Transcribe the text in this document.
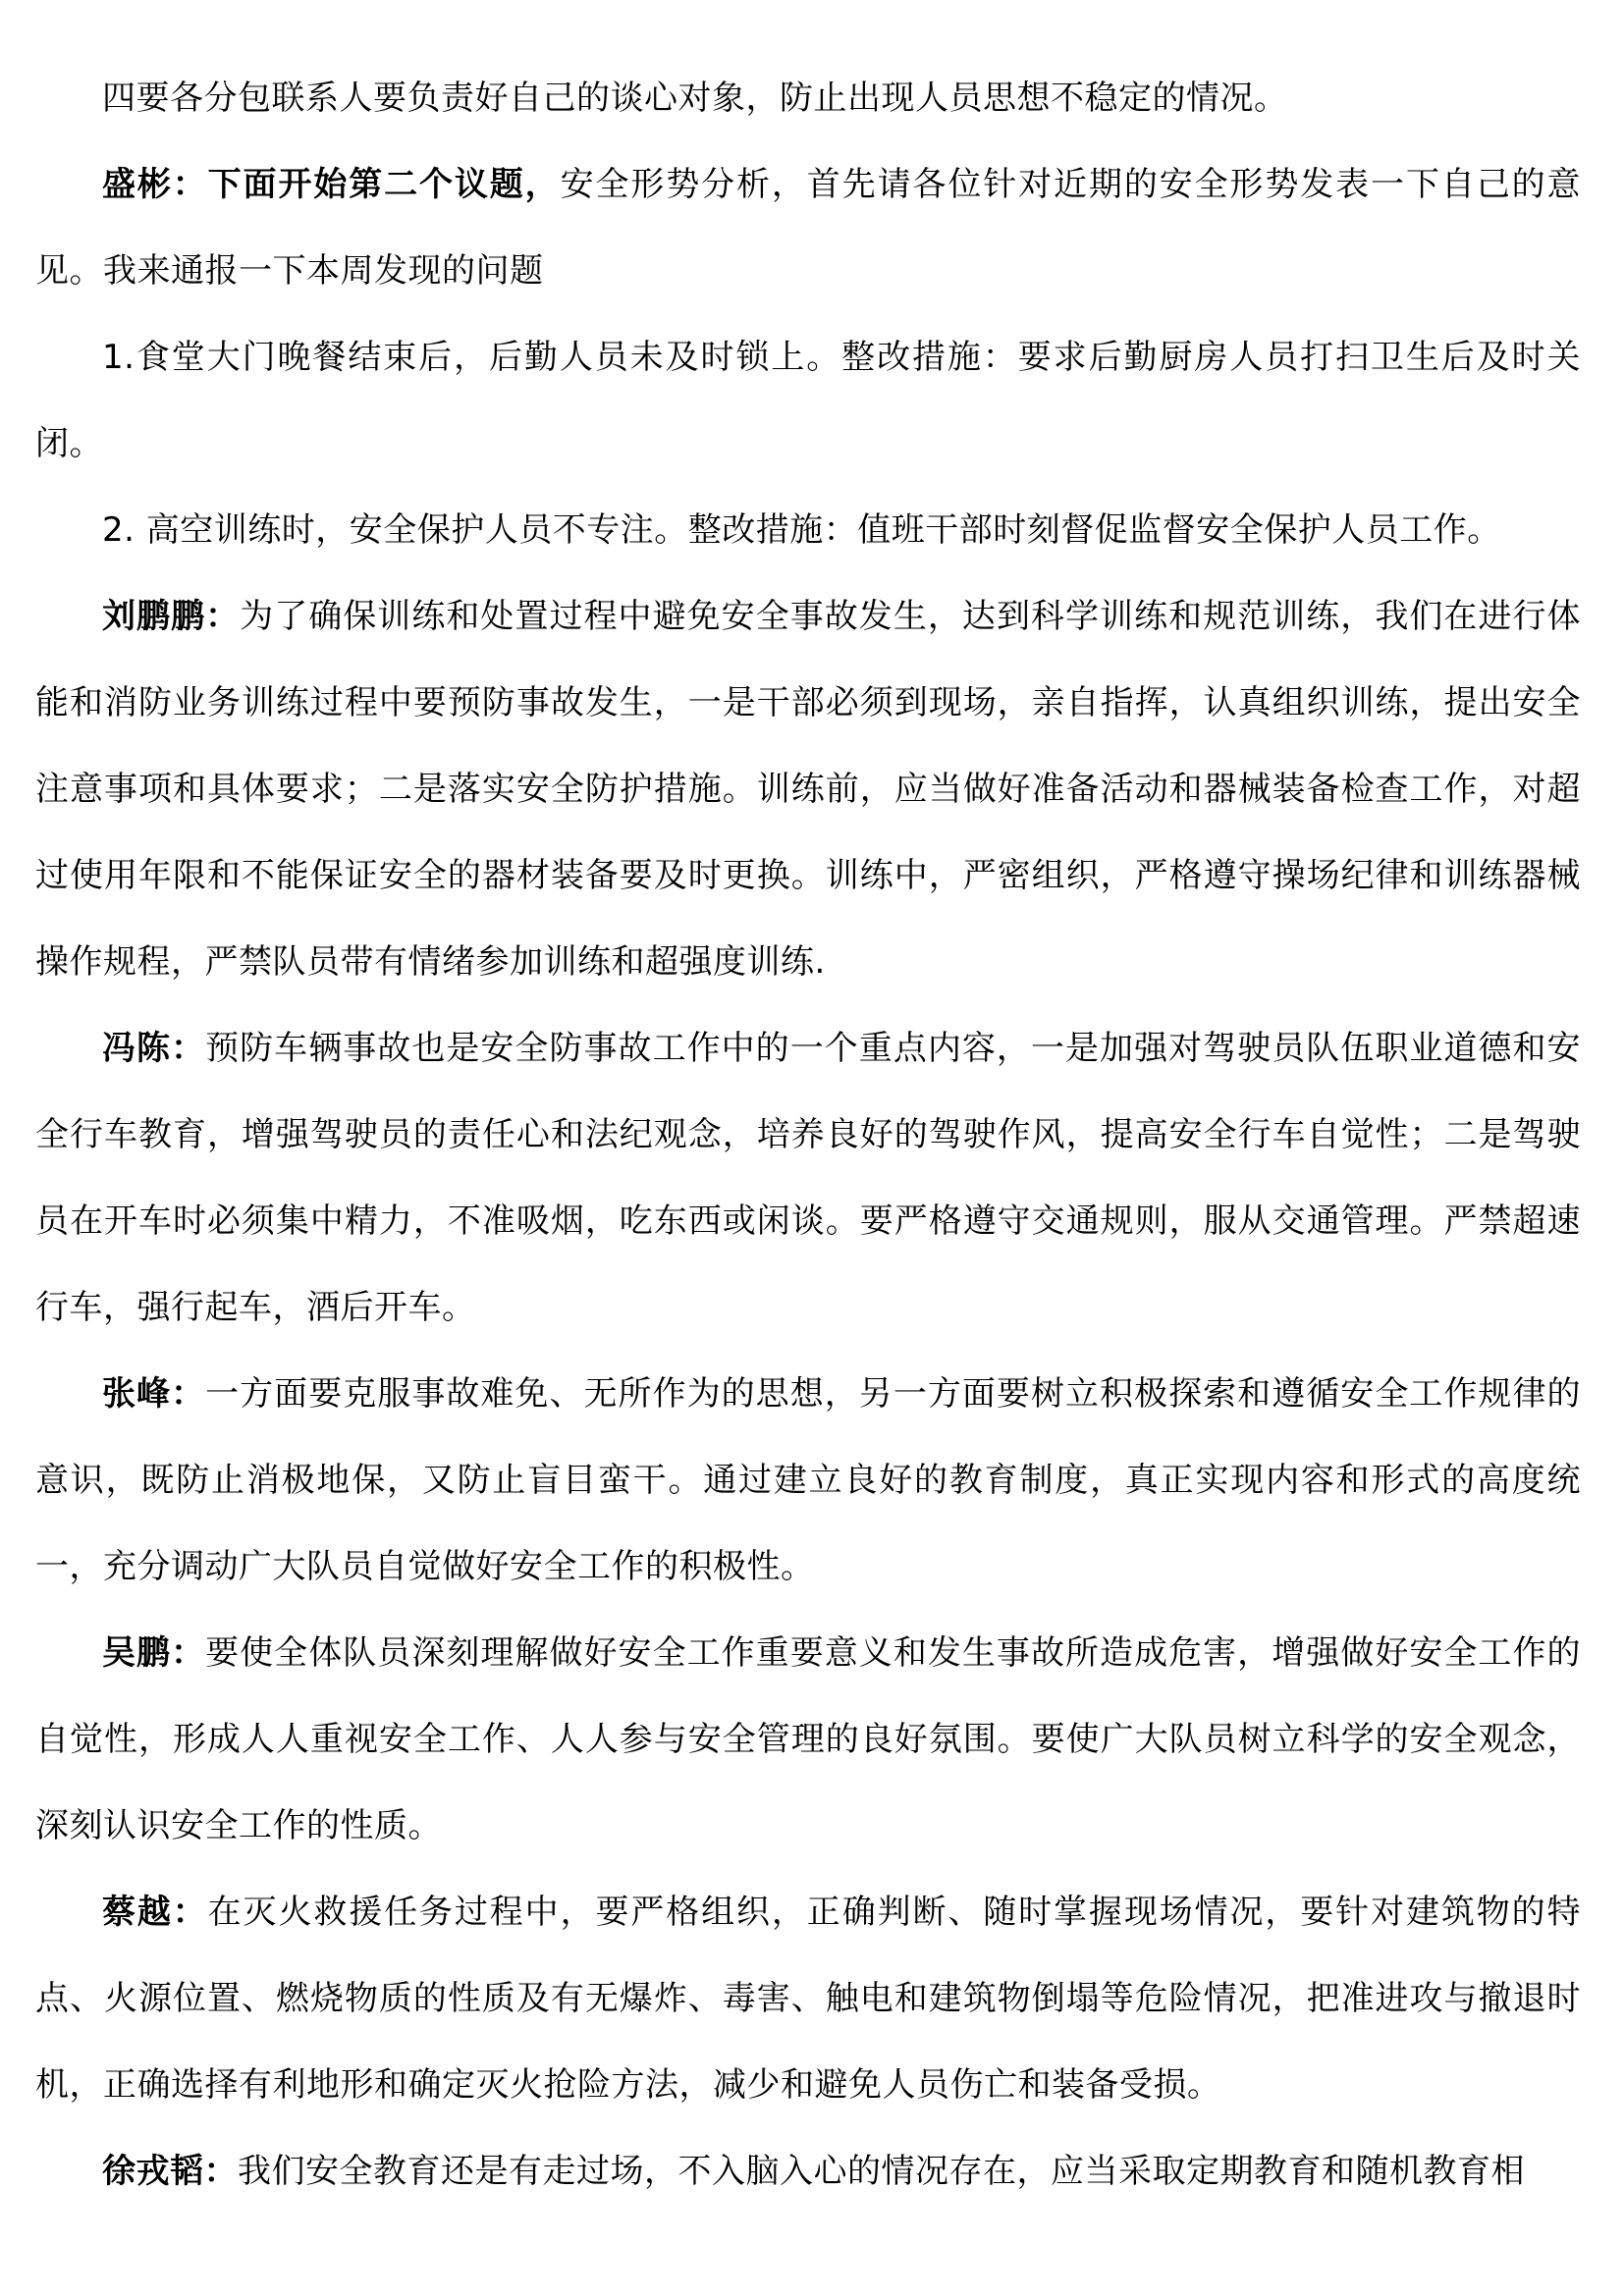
四要各分包联系人要负责好自己的谈心对象，防止出现人员思想不稳定的情况。

盛彬：下面开始第二个议题，安全形势分析，首先请各位针对近期的安全形势发表一下自己的意见。我来通报一下本周发现的问题

1.食堂大门晚餐结束后，后勤人员未及时锁上。整改措施：要求后勤厨房人员打扫卫生后及时关闭。

2. 高空训练时，安全保护人员不专注。整改措施：值班干部时刻督促监督安全保护人员工作。

刘鹏鹏：为了确保训练和处置过程中避免安全事故发生，达到科学训练和规范训练，我们在进行体能和消防业务训练过程中要预防事故发生，一是干部必须到现场，亲自指挥，认真组织训练，提出安全注意事项和具体要求；二是落实安全防护措施。训练前，应当做好准备活动和器械装备检查工作，对超过使用年限和不能保证安全的器材装备要及时更换。训练中，严密组织，严格遵守操场纪律和训练器械操作规程，严禁队员带有情绪参加训练和超强度训练.

冯陈：预防车辆事故也是安全防事故工作中的一个重点内容，一是加强对驾驶员队伍职业道德和安全行车教育，增强驾驶员的责任心和法纪观念，培养良好的驾驶作风，提高安全行车自觉性；二是驾驶员在开车时必须集中精力，不准吸烟，吃东西或闲谈。要严格遵守交通规则，服从交通管理。严禁超速行车，强行起车，酒后开车。

张峰：一方面要克服事故难免、无所作为的思想，另一方面要树立积极探索和遵循安全工作规律的意识，既防止消极地保，又防止盲目蛮干。通过建立良好的教育制度，真正实现内容和形式的高度统一，充分调动广大队员自觉做好安全工作的积极性。

吴鹏：要使全体队员深刻理解做好安全工作重要意义和发生事故所造成危害，增强做好安全工作的自觉性，形成人人重视安全工作、人人参与安全管理的良好氛围。要使广大队员树立科学的安全观念，深刻认识安全工作的性质。

蔡越：在灭火救援任务过程中，要严格组织，正确判断、随时掌握现场情况，要针对建筑物的特点、火源位置、燃烧物质的性质及有无爆炸、毒害、触电和建筑物倒塌等危险情况，把准进攻与撤退时机，正确选择有利地形和确定灭火抢险方法，减少和避免人员伤亡和装备受损。

徐戎韬：我们安全教育还是有走过场，不入脑入心的情况存在，应当采取定期教育和随机教育相
